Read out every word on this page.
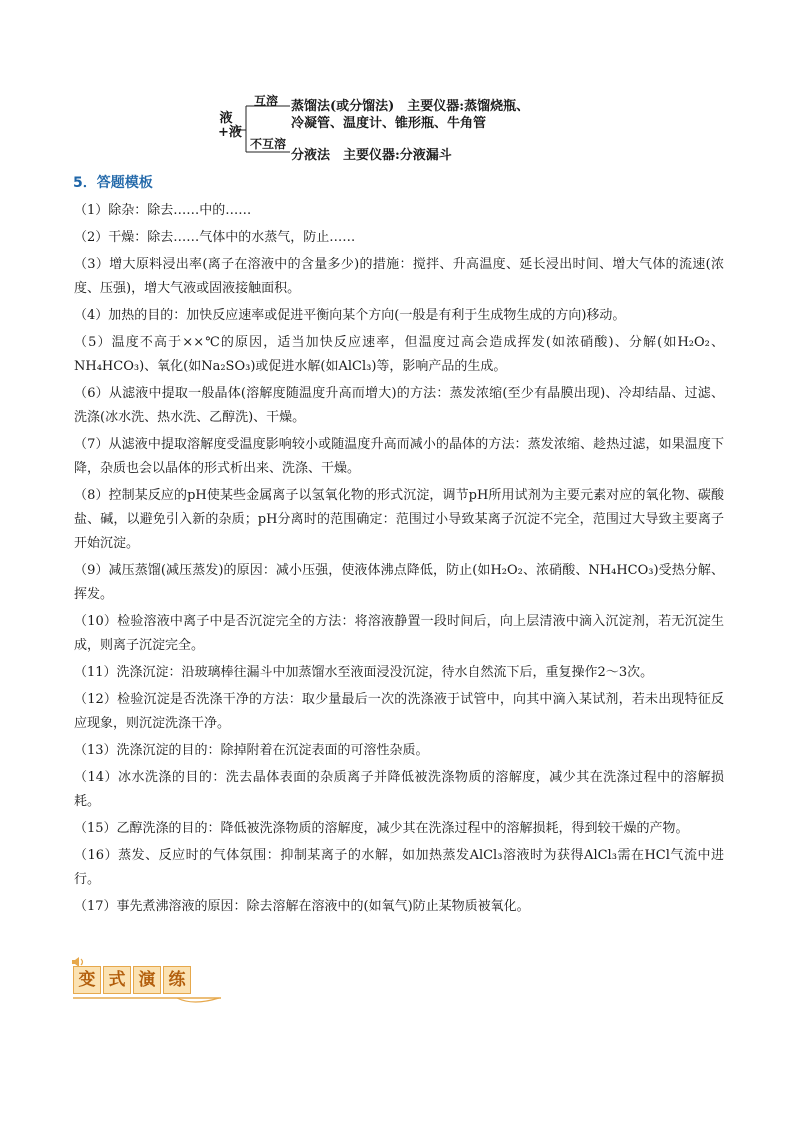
液+液
互溶
不互溶
蒸馏法(或分馏法)　主要仪器:蒸馏烧瓶、
冷凝管、温度计、锥形瓶、牛角管
分液法　主要仪器:分液漏斗
5．答题模板

（1）除杂：除去……中的……

（2）干燥：除去……气体中的水蒸气，防止……

（3）增大原料浸出率(离子在溶液中的含量多少)的措施：搅拌、升高温度、延长浸出时间、增大气体的流速(浓度、压强)，增大气液或固液接触面积。

（4）加热的目的：加快反应速率或促进平衡向某个方向(一般是有利于生成物生成的方向)移动。

（5）温度不高于××℃的原因，适当加快反应速率，但温度过高会造成挥发(如浓硝酸)、分解(如H₂O₂、NH₄HCO₃)、氧化(如Na₂SO₃)或促进水解(如AlCl₃)等，影响产品的生成。

（6）从滤液中提取一般晶体(溶解度随温度升高而增大)的方法：蒸发浓缩(至少有晶膜出现)、冷却结晶、过滤、洗涤(冰水洗、热水洗、乙醇洗)、干燥。

（7）从滤液中提取溶解度受温度影响较小或随温度升高而减小的晶体的方法：蒸发浓缩、趁热过滤，如果温度下降，杂质也会以晶体的形式析出来、洗涤、干燥。

（8）控制某反应的pH使某些金属离子以氢氧化物的形式沉淀，调节pH所用试剂为主要元素对应的氧化物、碳酸盐、碱，以避免引入新的杂质；pH分离时的范围确定：范围过小导致某离子沉淀不完全，范围过大导致主要离子开始沉淀。

（9）减压蒸馏(减压蒸发)的原因：减小压强，使液体沸点降低，防止(如H₂O₂、浓硝酸、NH₄HCO₃)受热分解、挥发。

（10）检验溶液中离子中是否沉淀完全的方法：将溶液静置一段时间后，向上层清液中滴入沉淀剂，若无沉淀生成，则离子沉淀完全。

（11）洗涤沉淀：沿玻璃棒往漏斗中加蒸馏水至液面浸没沉淀，待水自然流下后，重复操作2～3次。

（12）检验沉淀是否洗涤干净的方法：取少量最后一次的洗涤液于试管中，向其中滴入某试剂，若未出现特征反应现象，则沉淀洗涤干净。

（13）洗涤沉淀的目的：除掉附着在沉淀表面的可溶性杂质。

（14）冰水洗涤的目的：洗去晶体表面的杂质离子并降低被洗涤物质的溶解度，减少其在洗涤过程中的溶解损耗。

（15）乙醇洗涤的目的：降低被洗涤物质的溶解度，减少其在洗涤过程中的溶解损耗，得到较干燥的产物。

（16）蒸发、反应时的气体氛围：抑制某离子的水解，如加热蒸发AlCl₃溶液时为获得AlCl₃需在HCl气流中进行。

（17）事先煮沸溶液的原因：除去溶解在溶液中的(如氧气)防止某物质被氧化。

变 式 演 练
